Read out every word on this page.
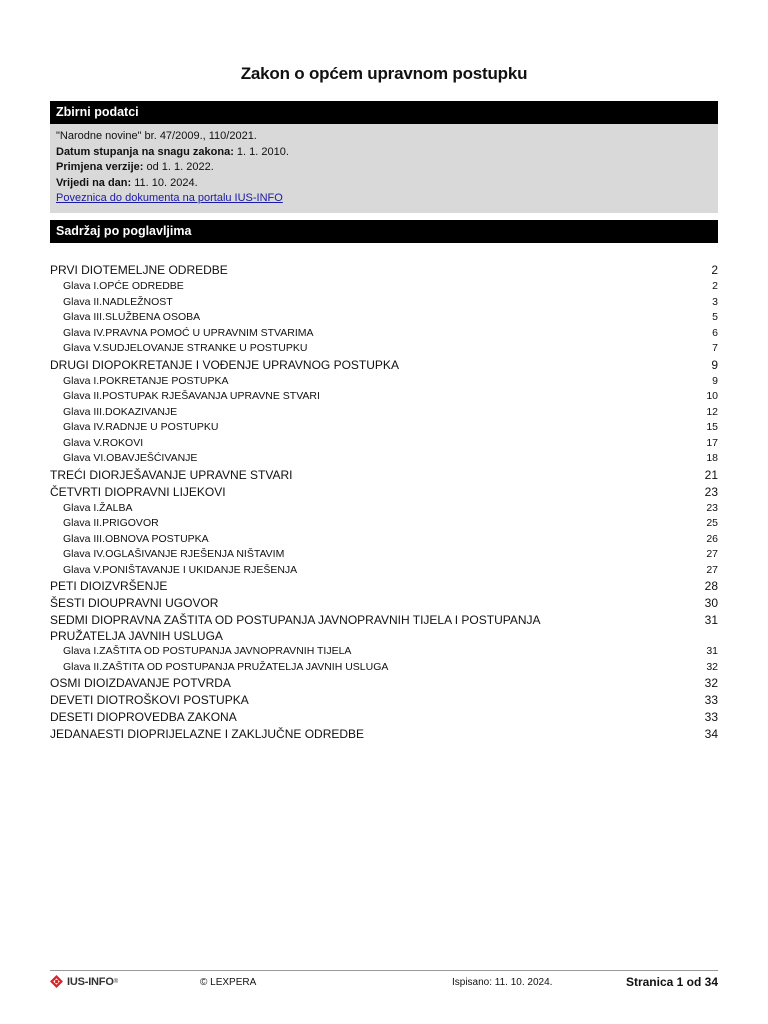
Zakon o općem upravnom postupku
Zbirni podatci
"Narodne novine" br. 47/2009., 110/2021.
Datum stupanja na snagu zakona: 1. 1. 2010.
Primjena verzije: od 1. 1. 2022.
Vrijedi na dan: 11. 10. 2024.
Poveznica do dokumenta na portalu IUS-INFO
Sadržaj po poglavljima
PRVI DIOTEMELJNE ODREDBE	2
Glava I.OPĆE ODREDBE	2
Glava II.NADLEŽNOST	3
Glava III.SLUŽBENA OSOBA	5
Glava IV.PRAVNA POMOĆ U UPRAVNIM STVARIMA	6
Glava V.SUDJELOVANJE STRANKE U POSTUPKU	7
DRUGI DIOPOKRETANJE I VOĐENJE UPRAVNOG POSTUPKA	9
Glava I.POKRETANJE POSTUPKA	9
Glava II.POSTUPAK RJEŠAVANJA UPRAVNE STVARI	10
Glava III.DOKAZIVANJE	12
Glava IV.RADNJE U POSTUPKU	15
Glava V.ROKOVI	17
Glava VI.OBAVJEŠĆIVANJE	18
TREĆI DIORJEŠAVANJE UPRAVNE STVARI	21
ČETVRTI DIOPRAVNI LIJEKOVI	23
Glava I.ŽALBA	23
Glava II.PRIGOVOR	25
Glava III.OBNOVA POSTUPKA	26
Glava IV.OGLAŠIVANJE RJEŠENJA NIŠTAVIM	27
Glava V.PONIŠTAVANJE I UKIDANJE RJEŠENJA	27
PETI DIOIZVRŠENJE	28
ŠESTI DIOUPRAVNI UGOVOR	30
SEDMI DIOPRAVNA ZAŠTITA OD POSTUPANJA JAVNOPRAVNIH TIJELA I POSTUPANJA PRUŽATELJA JAVNIH USLUGA
31
Glava I.ZAŠTITA OD POSTUPANJA JAVNOPRAVNIH TIJELA	31
Glava II.ZAŠTITA OD POSTUPANJA PRUŽATELJA JAVNIH USLUGA	32
OSMI DIOIZDAVANJE POTVRDA	32
DEVETI DIOTROŠKOVI POSTUPKA	33
DESETI DIOPROVEDBA ZAKONA	33
JEDANAESTI DIOPRIJELAZNE I ZAKLJUČNE ODREDBE	34
IUS-INFO ®	© LEXPERA	Ispisano: 11. 10. 2024.	Stranica 1 od 34
